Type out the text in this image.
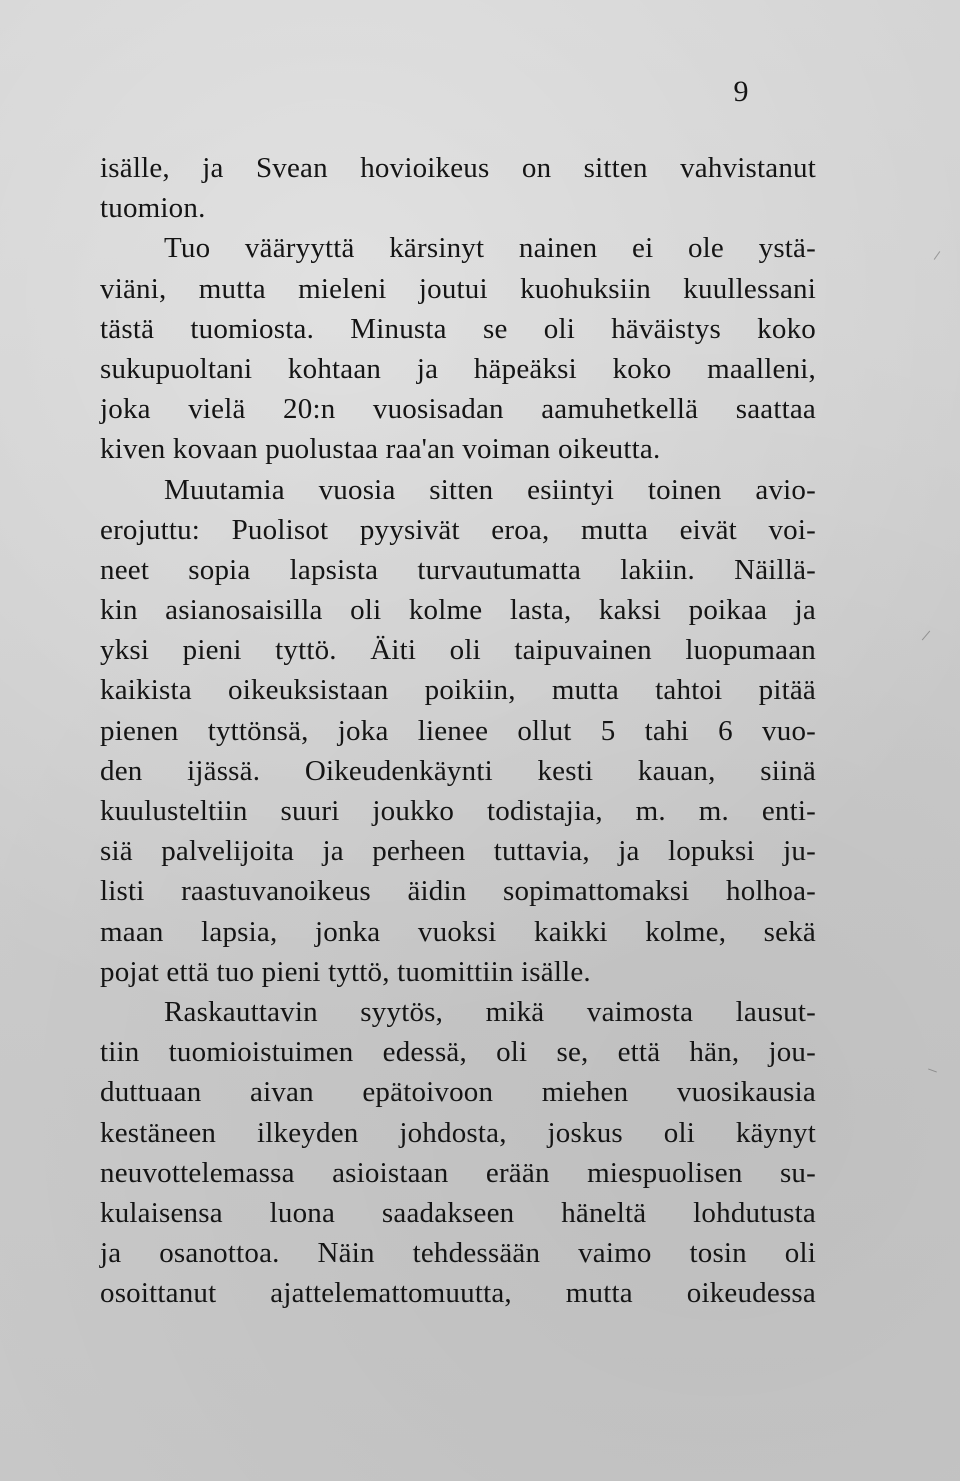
9
isälle, ja Svean hovioikeus on sitten vahvistanut
tuomion.
Tuo vääryyttä kärsinyt nainen ei ole ystä-
viäni, mutta mieleni joutui kuohuksiin kuullessani
tästä tuomiosta. Minusta se oli häväistys koko
sukupuoltani kohtaan ja häpeäksi koko maalleni,
joka vielä 20:n vuosisadan aamuhetkellä saattaa
kiven kovaan puolustaa raa'an voiman oikeutta.
Muutamia vuosia sitten esiintyi toinen avio-
erojuttu: Puolisot pyysivät eroa, mutta eivät voi-
neet sopia lapsista turvautumatta lakiin. Näillä-
kin asianosaisilla oli kolme lasta, kaksi poikaa ja
yksi pieni tyttö. Äiti oli taipuvainen luopumaan
kaikista oikeuksistaan poikiin, mutta tahtoi pitää
pienen tyttönsä, joka lienee ollut 5 tahi 6 vuo-
den ijässä. Oikeudenkäynti kesti kauan, siinä
kuulusteltiin suuri joukko todistajia, m. m. enti-
siä palvelijoita ja perheen tuttavia, ja lopuksi ju-
listi raastuvanoikeus äidin sopimattomaksi holhoa-
maan lapsia, jonka vuoksi kaikki kolme, sekä
pojat että tuo pieni tyttö, tuomittiin isälle.
Raskauttavin syytös, mikä vaimosta lausut-
tiin tuomioistuimen edessä, oli se, että hän, jou-
duttuaan aivan epätoivoon miehen vuosikausia
kestäneen ilkeyden johdosta, joskus oli käynyt
neuvottelemassa asioistaan erään miespuolisen su-
kulaisensa luona saadakseen häneltä lohdutusta
ja osanottoa. Näin tehdessään vaimo tosin oli
osoittanut ajattelemattomuutta, mutta oikeudessa
